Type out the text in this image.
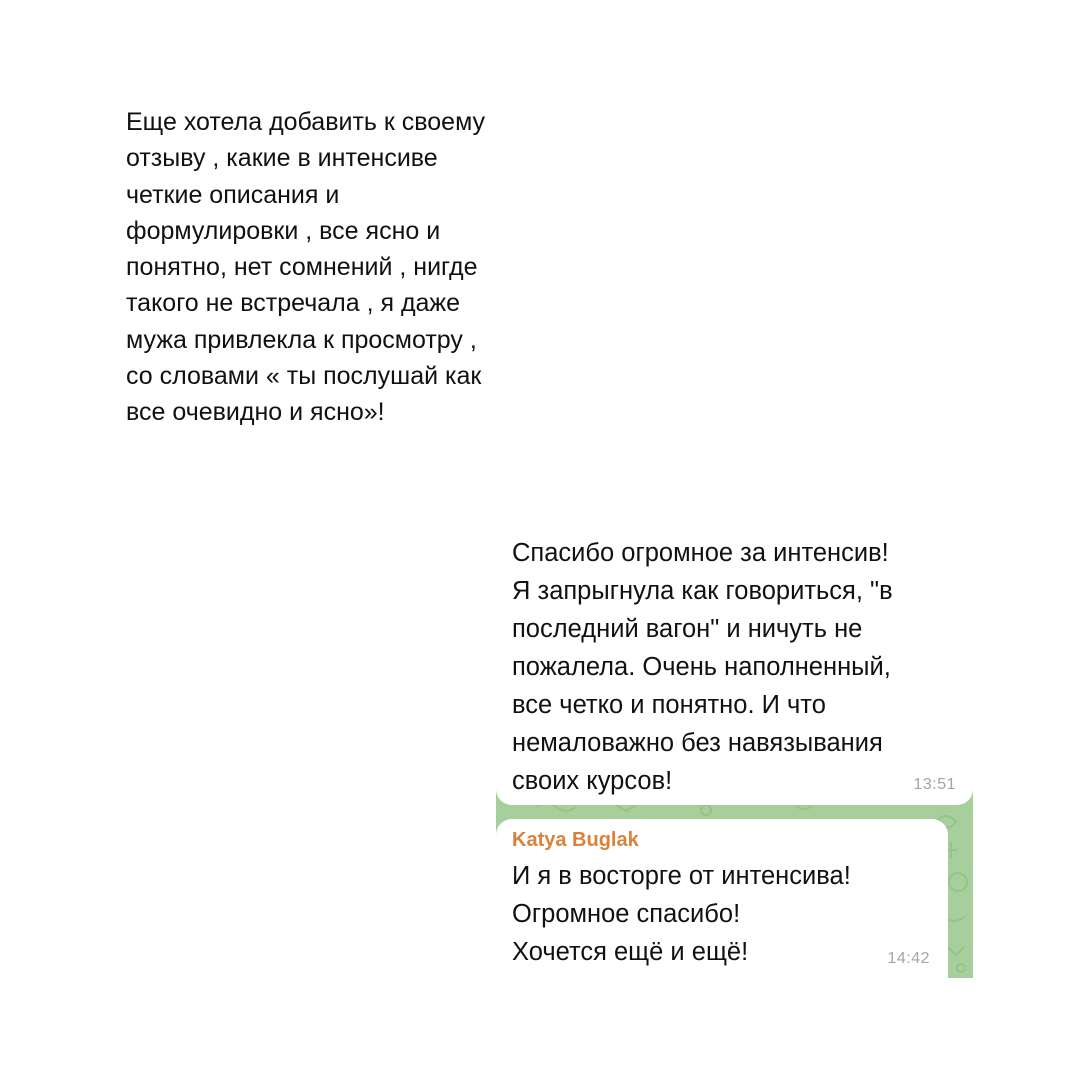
Еще хотела добавить к своему
отзыву , какие в интенсиве
четкие описания и
формулировки , все ясно и
понятно, нет сомнений , нигде
такого не встречала , я даже
мужа привлекла к просмотру ,
со словами « ты послушай как
все очевидно и ясно»!
Спасибо огромное за интенсив!
Я запрыгнула как говориться, "в
последний вагон" и ничуть не
пожалела. Очень наполненный,
все четко и понятно. И что
немаловажно без навязывания
своих курсов!	13:51
Katya Buglak
И я в восторге от интенсива!
Огромное спасибо!
Хочется ещё и ещё!	14:42
